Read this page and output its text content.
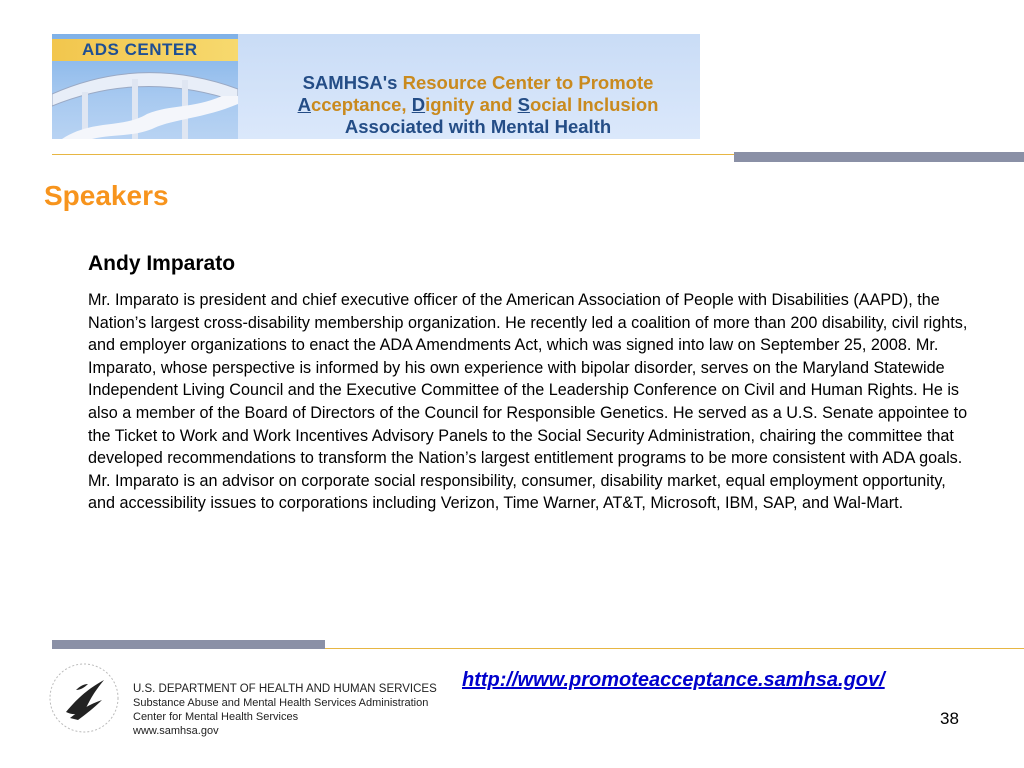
ADS CENTER
SAMHSA's Resource Center to Promote
Acceptance, Dignity and Social Inclusion
Associated with Mental Health
Speakers
Andy Imparato

Mr. Imparato is president and chief executive officer of the American Association of People with Disabilities (AAPD), the Nation’s largest cross-disability membership organization. He recently led a coalition of more than 200 disability, civil rights, and employer organizations to enact the ADA Amendments Act, which was signed into law on September 25, 2008. Mr. Imparato, whose perspective is informed by his own experience with bipolar disorder, serves on the Maryland Statewide Independent Living Council and the Executive Committee of the Leadership Conference on Civil and Human Rights. He is also a member of the Board of Directors of the Council for Responsible Genetics. He served as a U.S. Senate appointee to the Ticket to Work and Work Incentives Advisory Panels to the Social Security Administration, chairing the committee that developed recommendations to transform the Nation’s largest entitlement programs to be more consistent with ADA goals. Mr. Imparato is an advisor on corporate social responsibility, consumer, disability market, equal employment opportunity, and accessibility issues to corporations including Verizon, Time Warner, AT&T, Microsoft, IBM, SAP, and Wal-Mart.

U.S. DEPARTMENT OF HEALTH AND HUMAN SERVICES
Substance Abuse and Mental Health Services Administration
Center for Mental Health Services
www.samhsa.gov
http://www.promoteacceptance.samhsa.gov/
38
